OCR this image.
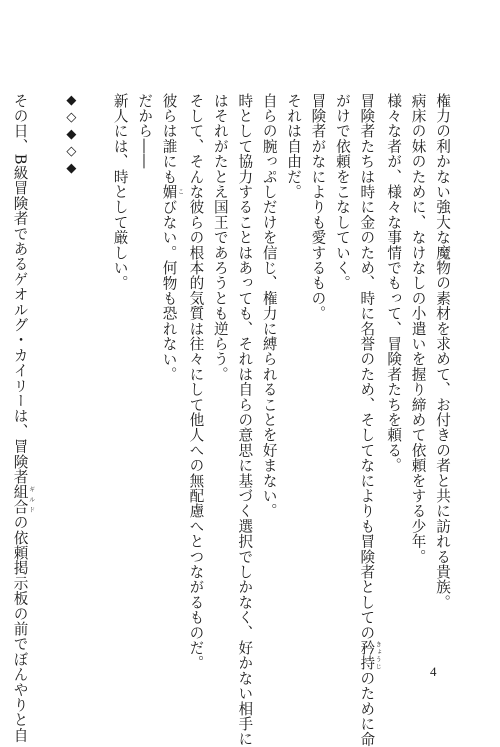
権力の利かない強大な魔物の素材を求めて、お付きの者と共に訪れる貴族。
病床の妹のために、なけなしの小遣いを握り締めて依頼をする少年。
様々な者が、様々な事情でもって、冒険者たちを頼る。
冒険者たちは時に金のため、時に名誉のため、そしてなによりも冒険者としての矜持 きょうじのために命
がけで依頼をこなしていく。
冒険者がなによりも愛するもの。
それは自由だ。
自らの腕っぷしだけを信じ、権力に縛られることを好まない。
時として協力することはあっても、それは自らの意思に基づく選択でしかなく、好かない相手に
はそれがたとえ国王であろうとも逆らう。
そして、そんな彼らの根本的気質は往々にして他人への無配慮へとつながるものだ。
彼らは誰にも媚 こびない。何物も恐れない。
だから――
新人には、時として厳しい。

◆◇◆◇◆

その日、B級冒険者であるゲオルグ・カイリーは、冒険者組合 ギルドの依頼掲示板の前でぼんやりと自	4
